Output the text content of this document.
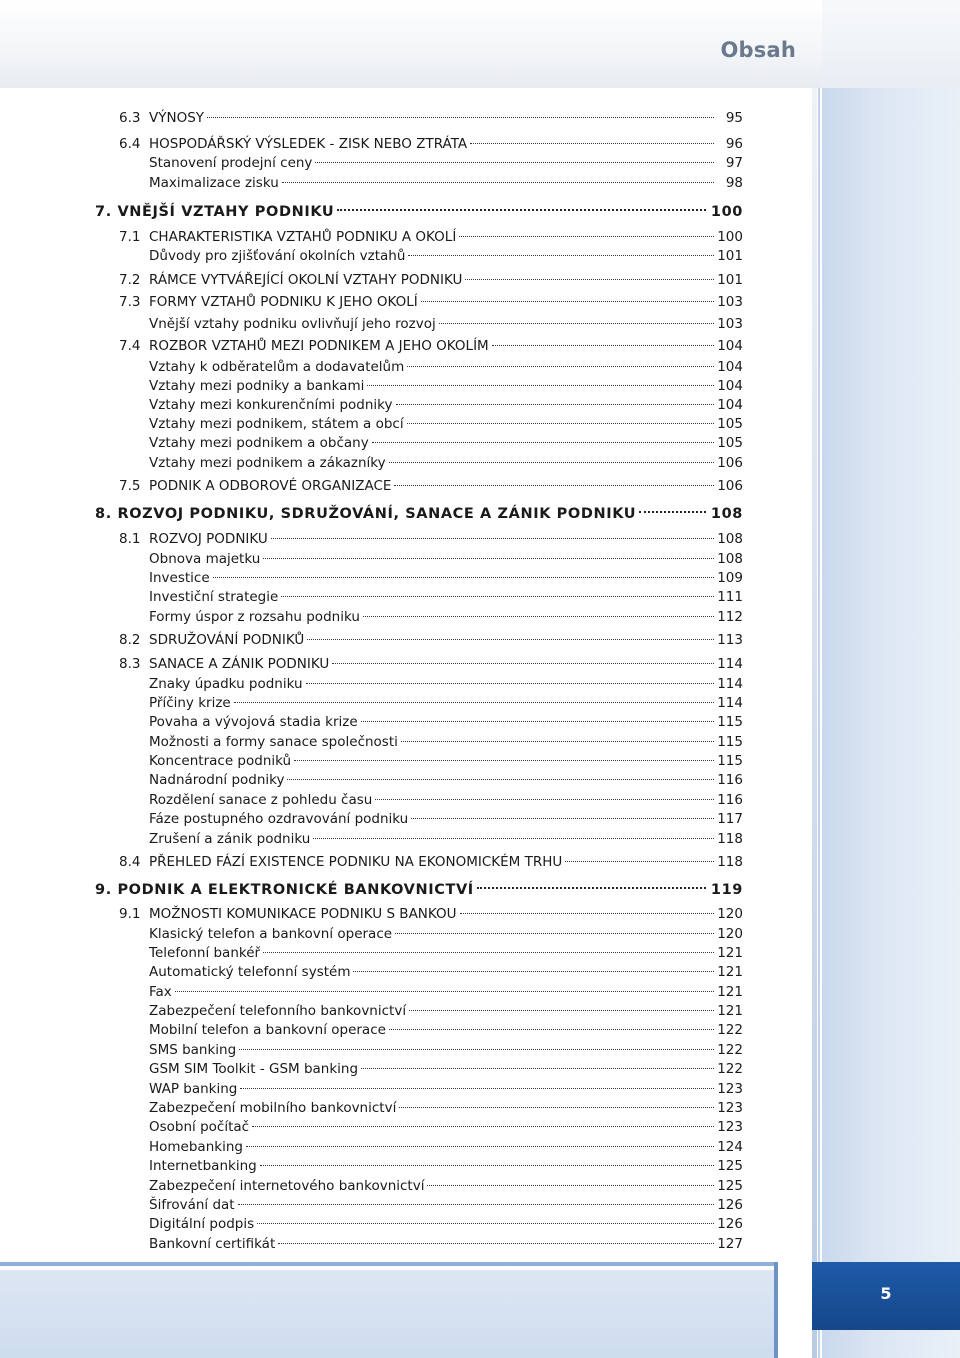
Obsah
6.3 VÝNOSY	95
6.4 HOSPODÁŘSKÝ VÝSLEDEK - ZISK NEBO ZTRÁTA	96
Stanovení prodejní ceny	97
Maximalizace zisku	98
7. VNĚJŠÍ VZTAHY PODNIKU	100
7.1 CHARAKTERISTIKA VZTAHŮ PODNIKU A OKOLÍ	100
Důvody pro zjišťování okolních vztahů	101
7.2 RÁMCE VYTVÁŘEJÍCÍ OKOLNÍ VZTAHY PODNIKU	101
7.3 FORMY VZTAHŮ PODNIKU K JEHO OKOLÍ	103
Vnější vztahy podniku ovlivňují jeho rozvoj	103
7.4 ROZBOR VZTAHŮ MEZI PODNIKEM A JEHO OKOLÍM	104
Vztahy k odběratelům a dodavatelům	104
Vztahy mezi podniky a bankami	104
Vztahy mezi konkurenčními podniky	104
Vztahy mezi podnikem, státem a obcí	105
Vztahy mezi podnikem a občany	105
Vztahy mezi podnikem a zákazníky	106
7.5 PODNIK A ODBOROVÉ ORGANIZACE	106
8. ROZVOJ PODNIKU, SDRUŽOVÁNÍ, SANACE A ZÁNIK PODNIKU	108
8.1 ROZVOJ PODNIKU	108
Obnova majetku	108
Investice	109
Investiční strategie	111
Formy úspor z rozsahu podniku	112
8.2 SDRUŽOVÁNÍ PODNIKŮ	113
8.3 SANACE A ZÁNIK PODNIKU	114
Znaky úpadku podniku	114
Příčiny krize	114
Povaha a vývojová stadia krize	115
Možnosti a formy sanace společnosti	115
Koncentrace podniků	115
Nadnárodní podniky	116
Rozdělení sanace z pohledu času	116
Fáze postupného ozdravování podniku	117
Zrušení a zánik podniku	118
8.4 PŘEHLED FÁZÍ EXISTENCE PODNIKU NA EKONOMICKÉM TRHU	118
9. PODNIK A ELEKTRONICKÉ BANKOVNICTVÍ	119
9.1 MOŽNOSTI KOMUNIKACE PODNIKU S BANKOU	120
Klasický telefon a bankovní operace	120
Telefonní bankéř	121
Automatický telefonní systém	121
Fax	121
Zabezpečení telefonního bankovnictví	121
Mobilní telefon a bankovní operace	122
SMS banking	122
GSM SIM Toolkit - GSM banking	122
WAP banking	123
Zabezpečení mobilního bankovnictví	123
Osobní počítač	123
Homebanking	124
Internetbanking	125
Zabezpečení internetového bankovnictví	125
Šifrování dat	126
Digitální podpis	126
Bankovní certifikát	127
5
